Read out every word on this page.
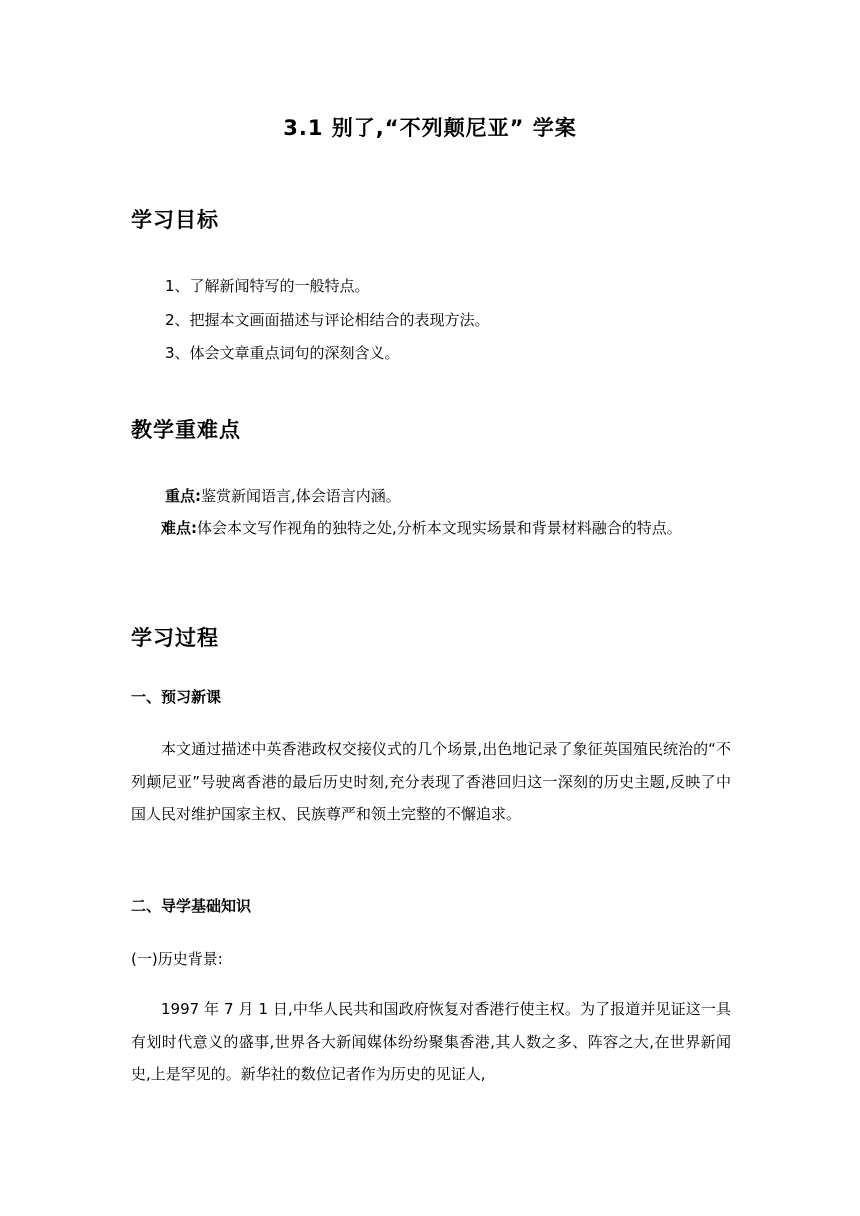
3.1 别了,“不列颠尼亚” 学案
学习目标
1、了解新闻特写的一般特点。
2、把握本文画面描述与评论相结合的表现方法。
3、体会文章重点词句的深刻含义。
教学重难点
重点:鉴赏新闻语言,体会语言内涵。

难点:体会本文写作视角的独特之处,分析本文现实场景和背景材料融合的特点。

学习过程
一、预习新课

本文通过描述中英香港政权交接仪式的几个场景,出色地记录了象征英国殖民统治的“不列颠尼亚”号驶离香港的最后历史时刻,充分表现了香港回归这一深刻的历史主题,反映了中国人民对维护国家主权、民族尊严和领土完整的不懈追求。

二、导学基础知识
(一)历史背景:

1997 年 7 月 1 日,中华人民共和国政府恢复对香港行使主权。为了报道并见证这一具有划时代意义的盛事,世界各大新闻媒体纷纷聚集香港,其人数之多、阵容之大,在世界新闻史,上是罕见的。新华社的数位记者作为历史的见证人,
